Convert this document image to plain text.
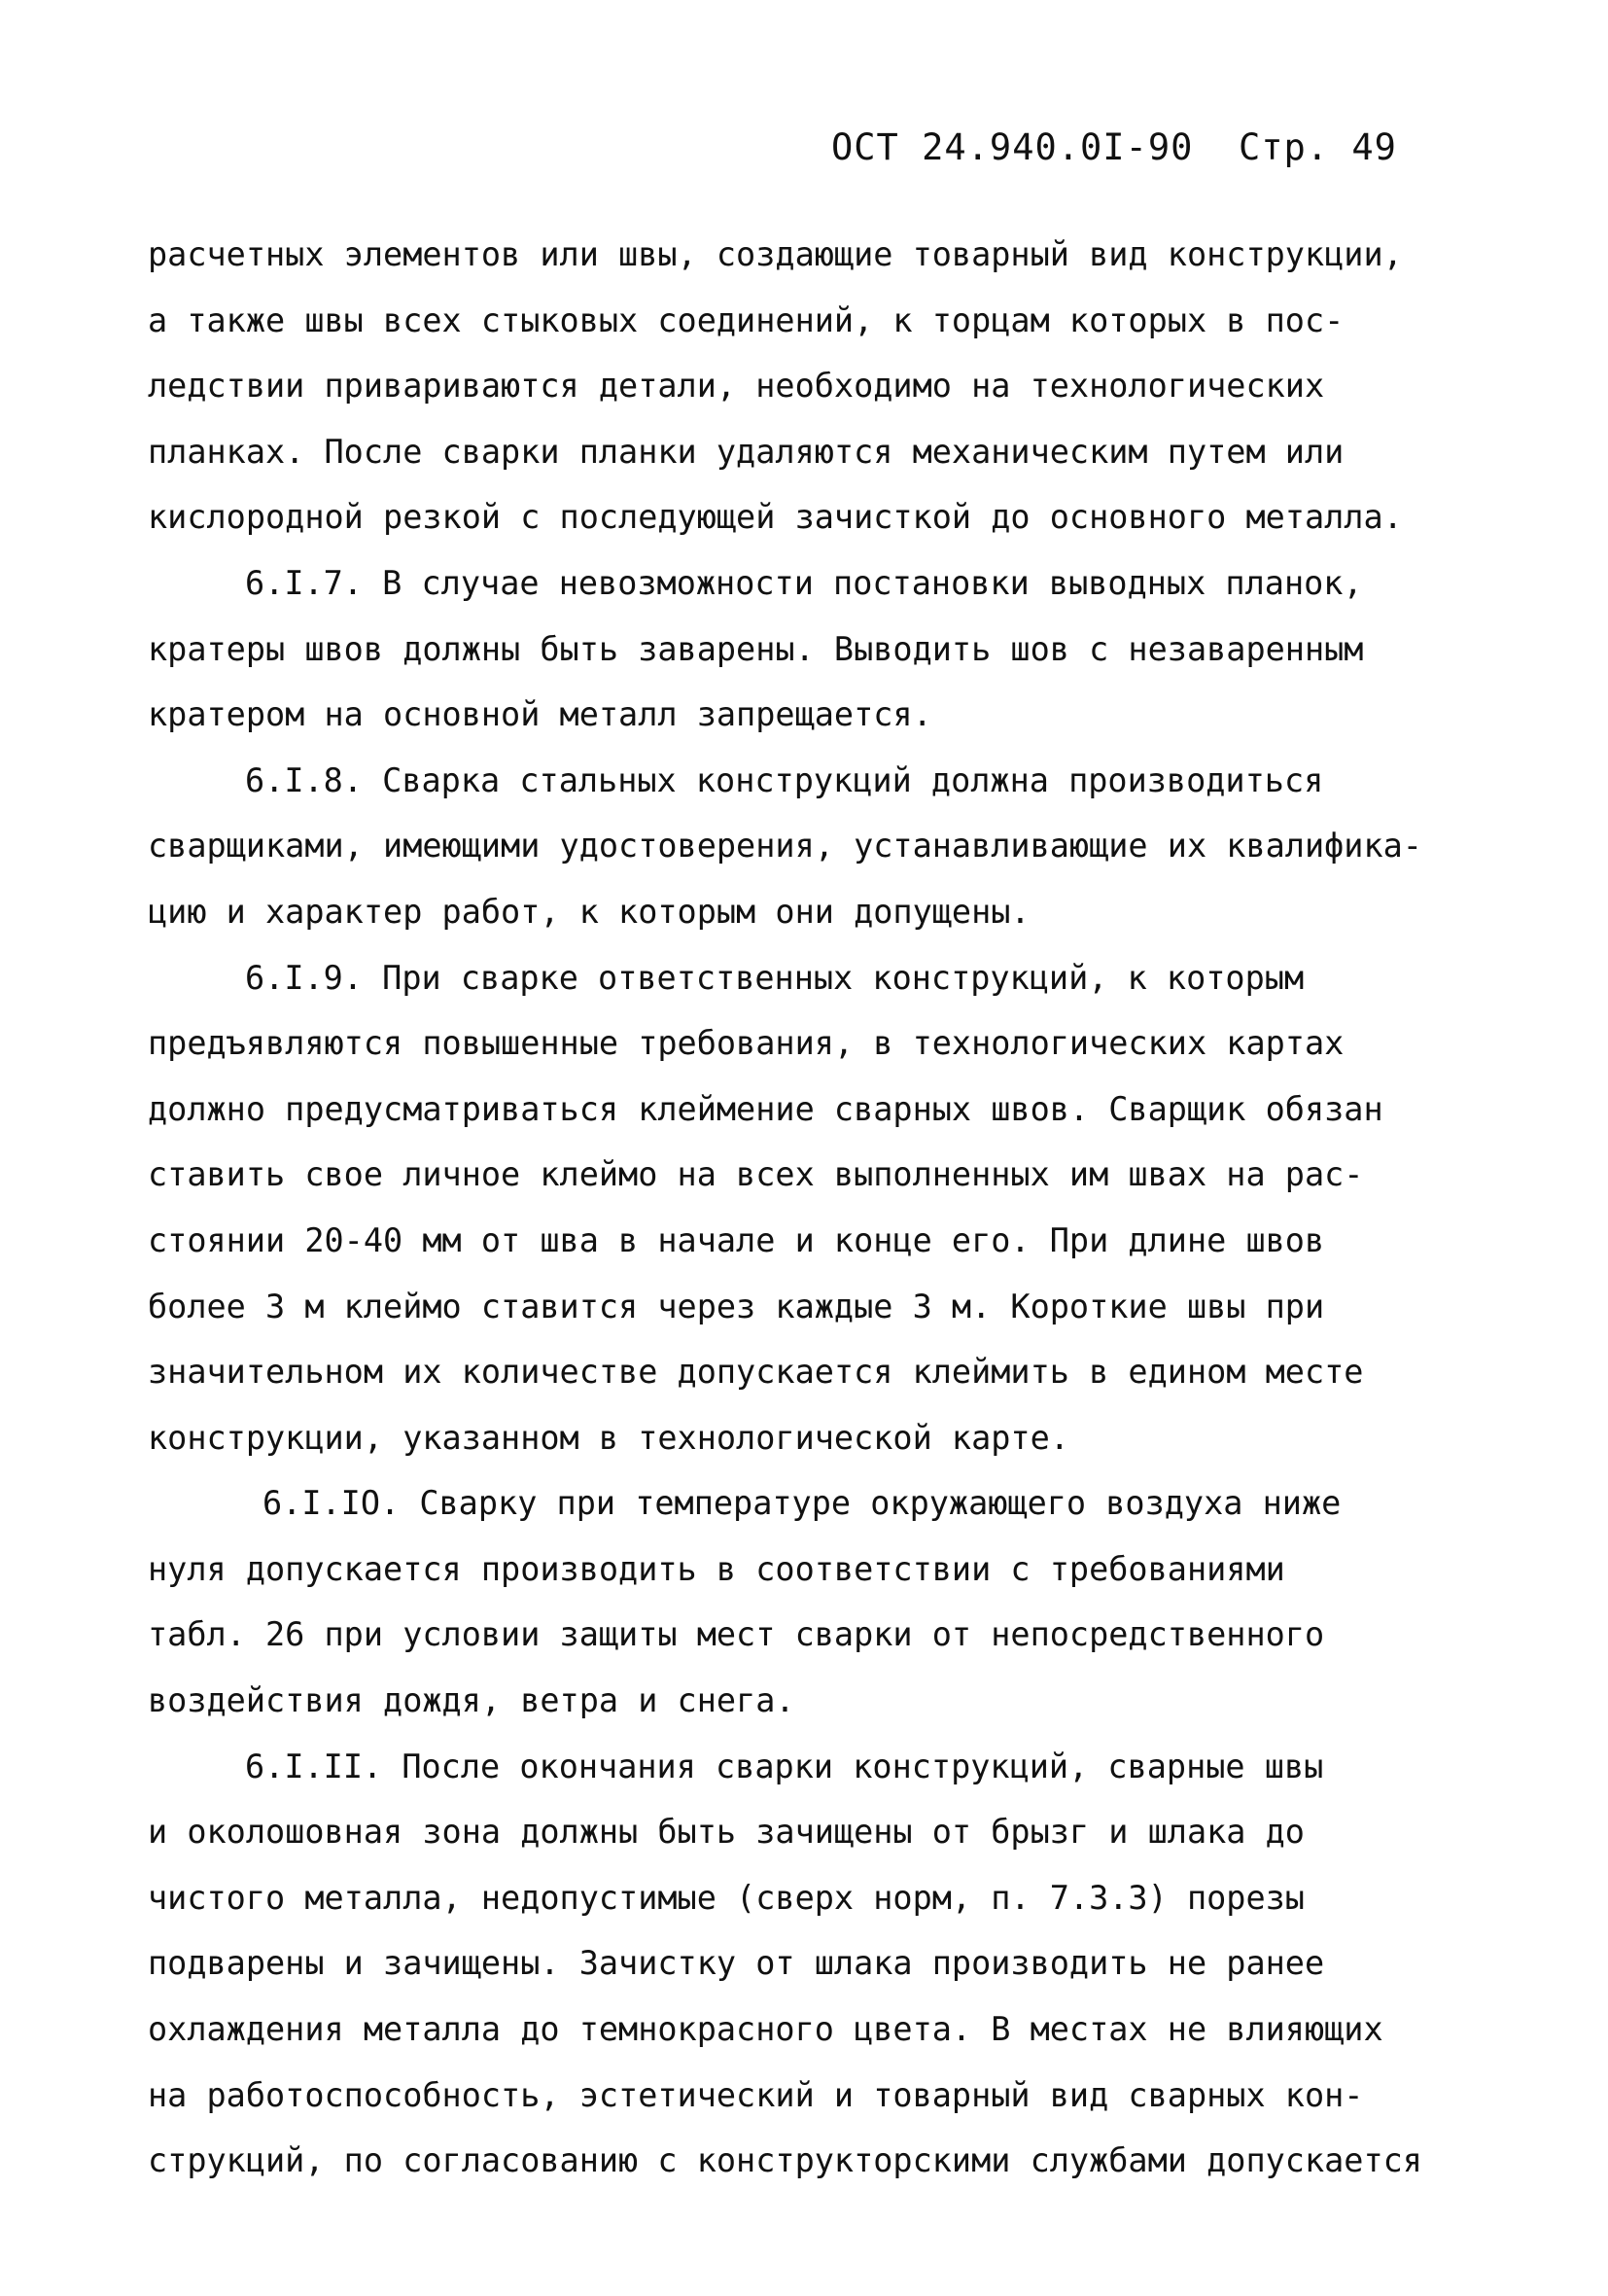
ОСТ 24.940.0I-90 Стр. 49
расчетных элементов или швы, создающие товарный вид конструкции,
а также швы всех стыковых соединений, к торцам которых в пос-
ледствии привариваются детали, необходимо на технологических
планках. После сварки планки удаляются механическим путем или
кислородной резкой с последующей зачисткой до основного металла.
6.I.7. В случае невозможности постановки выводных планок,
кратеры швов должны быть заварены. Выводить шов с незаваренным
кратером на основной металл запрещается.
6.I.8. Сварка стальных конструкций должна производиться
сварщиками, имеющими удостоверения, устанавливающие их квалифика-
цию и характер работ, к которым они допущены.
6.I.9. При сварке ответственных конструкций, к которым
предъявляются повышенные требования, в технологических картах
должно предусматриваться клеймение сварных швов. Сварщик обязан
ставить свое личное клеймо на всех выполненных им швах на рас-
стоянии 20-40 мм от шва в начале и конце его. При длине швов
более 3 м клеймо ставится через каждые 3 м. Короткие швы при
значительном их количестве допускается клеймить в едином месте
конструкции, указанном в технологической карте.
6.I.IO. Сварку при температуре окружающего воздуха ниже
нуля допускается производить в соответствии с требованиями
табл. 26 при условии защиты мест сварки от непосредственного
воздействия дождя, ветра и снега.
6.I.II. После окончания сварки конструкций, сварные швы
и околошовная зона должны быть зачищены от брызг и шлака до
чистого металла, недопустимые (сверх норм, п. 7.3.3) порезы
подварены и зачищены. Зачистку от шлака производить не ранее
охлаждения металла до темнокрасного цвета. В местах не влияющих
на работоспособность, эстетический и товарный вид сварных кон-
струкций, по согласованию с конструкторскими службами допускается
